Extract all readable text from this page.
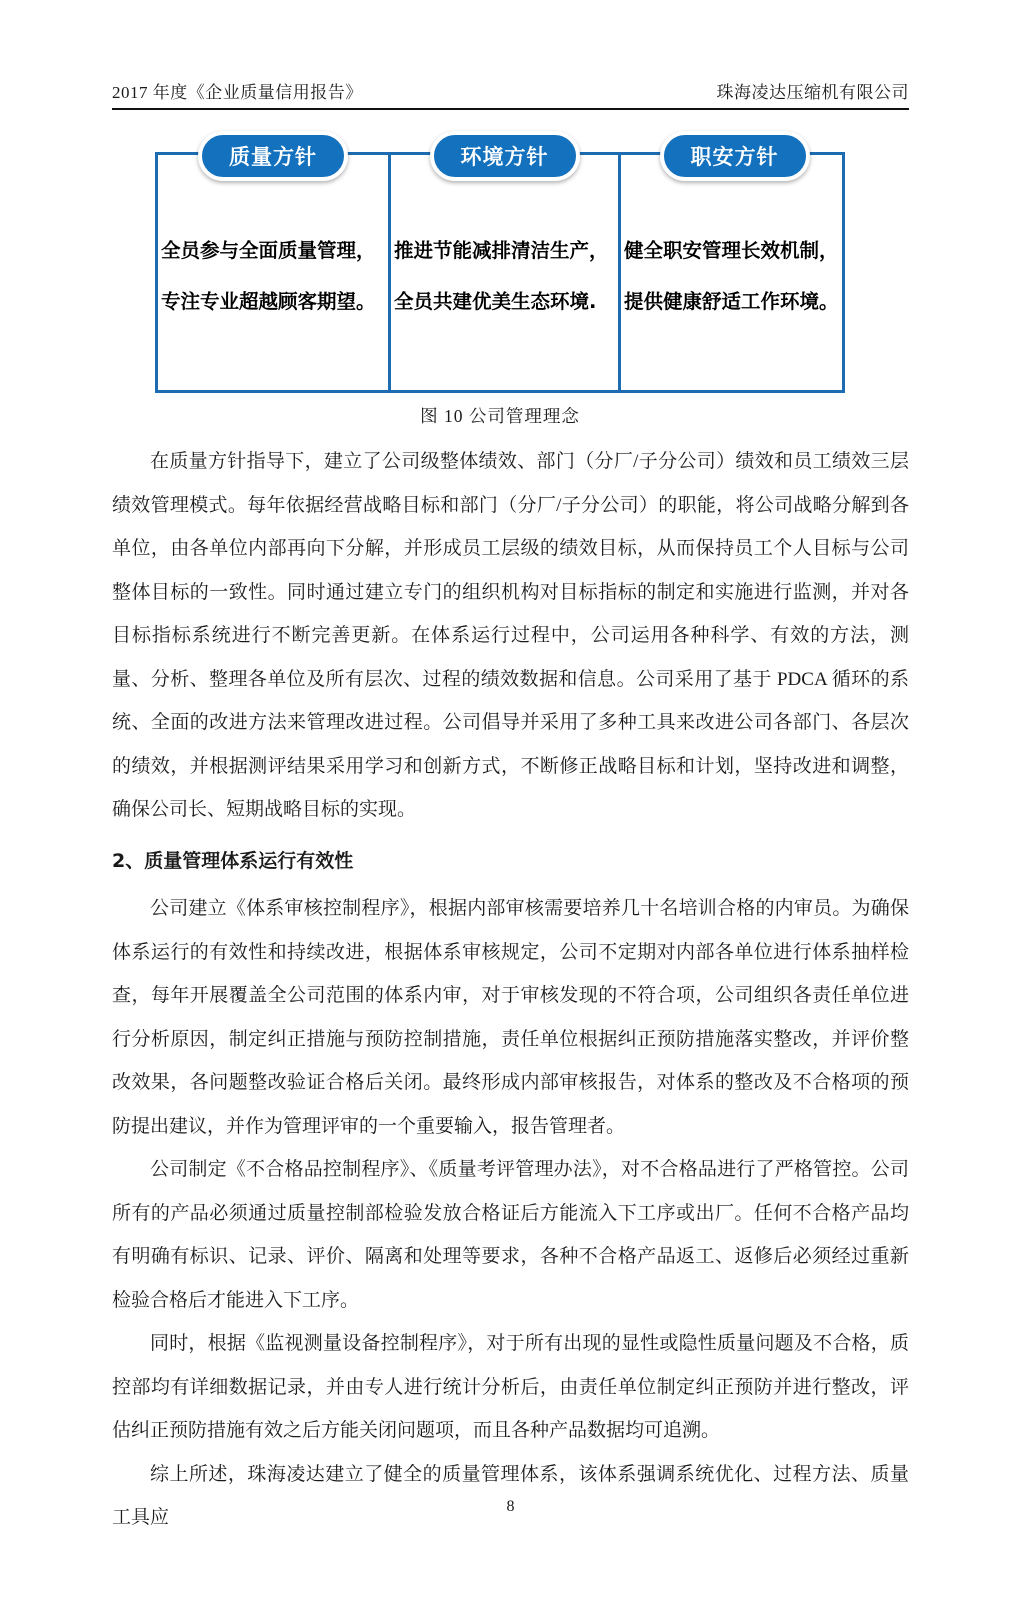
2017 年度《企业质量信用报告》	珠海凌达压缩机有限公司
质量方针
全员参与全面质量管理，
专注专业超越顾客期望。
环境方针
推进节能减排清洁生产，
全员共建优美生态环境.
职安方针
健全职安管理长效机制，
提供健康舒适工作环境。
图 10 公司管理理念

在质量方针指导下，建立了公司级整体绩效、部门（分厂/子分公司）绩效和员工绩效三层绩效管理模式。每年依据经营战略目标和部门（分厂/子分公司）的职能，将公司战略分解到各单位，由各单位内部再向下分解，并形成员工层级的绩效目标，从而保持员工个人目标与公司整体目标的一致性。同时通过建立专门的组织机构对目标指标的制定和实施进行监测，并对各目标指标系统进行不断完善更新。在体系运行过程中，公司运用各种科学、有效的方法，测量、分析、整理各单位及所有层次、过程的绩效数据和信息。公司采用了基于 PDCA 循环的系统、全面的改进方法来管理改进过程。公司倡导并采用了多种工具来改进公司各部门、各层次的绩效，并根据测评结果采用学习和创新方式，不断修正战略目标和计划，坚持改进和调整，确保公司长、短期战略目标的实现。

2、质量管理体系运行有效性

公司建立《体系审核控制程序》，根据内部审核需要培养几十名培训合格的内审员。为确保体系运行的有效性和持续改进，根据体系审核规定，公司不定期对内部各单位进行体系抽样检查，每年开展覆盖全公司范围的体系内审，对于审核发现的不符合项，公司组织各责任单位进行分析原因，制定纠正措施与预防控制措施，责任单位根据纠正预防措施落实整改，并评价整改效果，各问题整改验证合格后关闭。最终形成内部审核报告，对体系的整改及不合格项的预防提出建议，并作为管理评审的一个重要输入，报告管理者。

公司制定《不合格品控制程序》、《质量考评管理办法》，对不合格品进行了严格管控。公司所有的产品必须通过质量控制部检验发放合格证后方能流入下工序或出厂。任何不合格产品均有明确有标识、记录、评价、隔离和处理等要求，各种不合格产品返工、返修后必须经过重新检验合格后才能进入下工序。

同时，根据《监视测量设备控制程序》，对于所有出现的显性或隐性质量问题及不合格，质控部均有详细数据记录，并由专人进行统计分析后，由责任单位制定纠正预防并进行整改，评估纠正预防措施有效之后方能关闭问题项，而且各种产品数据均可追溯。

综上所述，珠海凌达建立了健全的质量管理体系，该体系强调系统优化、过程方法、质量工具应

8
